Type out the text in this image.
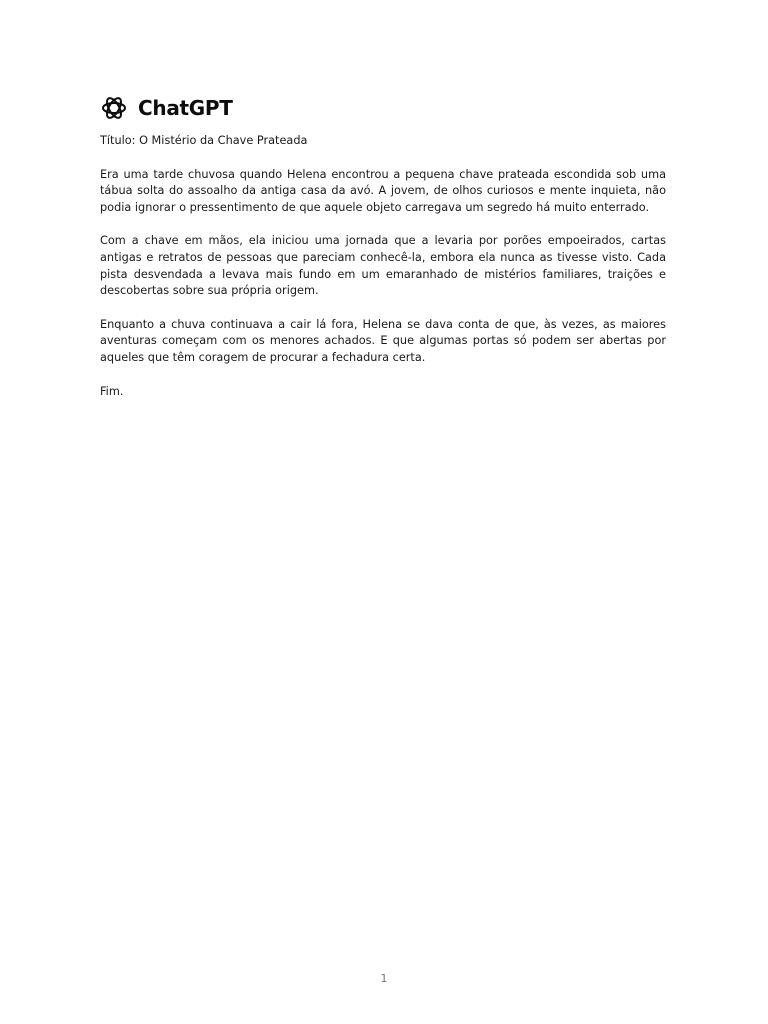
ChatGPT

Título: O Mistério da Chave Prateada

Era uma tarde chuvosa quando Helena encontrou a pequena chave prateada escondida sob uma tábua solta do assoalho da antiga casa da avó. A jovem, de olhos curiosos e mente inquieta, não podia ignorar o pressentimento de que aquele objeto carregava um segredo há muito enterrado.

Com a chave em mãos, ela iniciou uma jornada que a levaria por porões empoeirados, cartas antigas e retratos de pessoas que pareciam conhecê-la, embora ela nunca as tivesse visto. Cada pista desvendada a levava mais fundo em um emaranhado de mistérios familiares, traições e descobertas sobre sua própria origem.

Enquanto a chuva continuava a cair lá fora, Helena se dava conta de que, às vezes, as maiores aventuras começam com os menores achados. E que algumas portas só podem ser abertas por aqueles que têm coragem de procurar a fechadura certa.

Fim.

1
